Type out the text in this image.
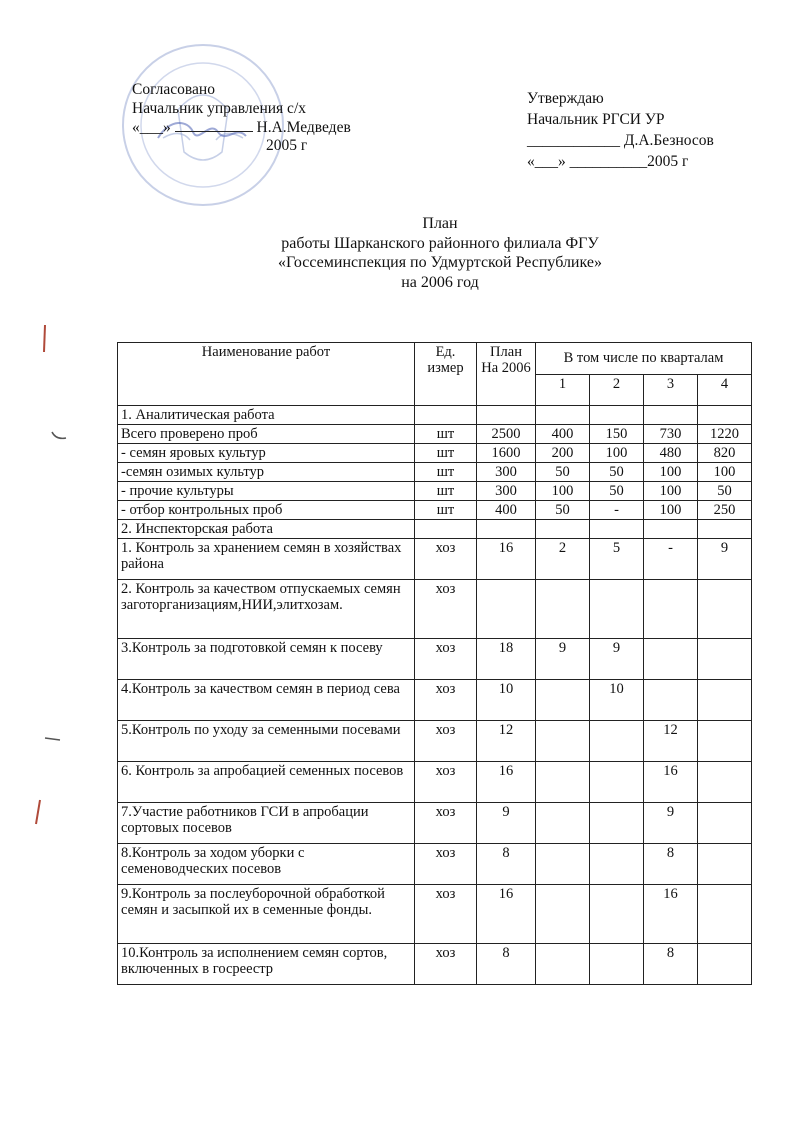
Согласовано
Начальник управления с/х
«___»	Н.А.Медведев
2005 г
Утверждаю
Начальник РГСИ УР
____________ Д.А.Безносов
«___» __________2005 г
План
работы Шарканского районного филиала ФГУ
«Госсеминспекция по Удмуртской Республике»
на 2006 год
Наименование работ	Ед. измер	План На 2006	В том числе по кварталам			
			1	2	3	4
1. Аналитическая работа						
Всего проверено проб	шт	2500	400	150	730	1220
- семян яровых культур	шт	1600	200	100	480	820
-семян озимых культур	шт	300	50	50	100	100
- прочие культуры	шт	300	100	50	100	50
- отбор контрольных проб	шт	400	50	-	100	250
2. Инспекторская работа						
1. Контроль за хранением семян в хозяйствах района	хоз	16	2	5	-	9
2. Контроль за качеством отпускаемых семян заготорганизациям,НИИ,элитхозам.	хоз					
3.Контроль за подготовкой семян к посеву	хоз	18	9	9		
4.Контроль за качеством семян в период сева	хоз	10		10		
5.Контроль по уходу за семенными посевами	хоз	12			12	
6. Контроль за апробацией семенных посевов	хоз	16			16	
7.Участие работников ГСИ в апробации сортовых посевов	хоз	9			9	
8.Контроль за ходом уборки с семеноводческих посевов	хоз	8			8	
9.Контроль за послеуборочной обработкой семян и засыпкой их в семенные фонды.	хоз	16			16	
10.Контроль за исполнением семян сортов, включенных в госреестр	хоз	8			8	
